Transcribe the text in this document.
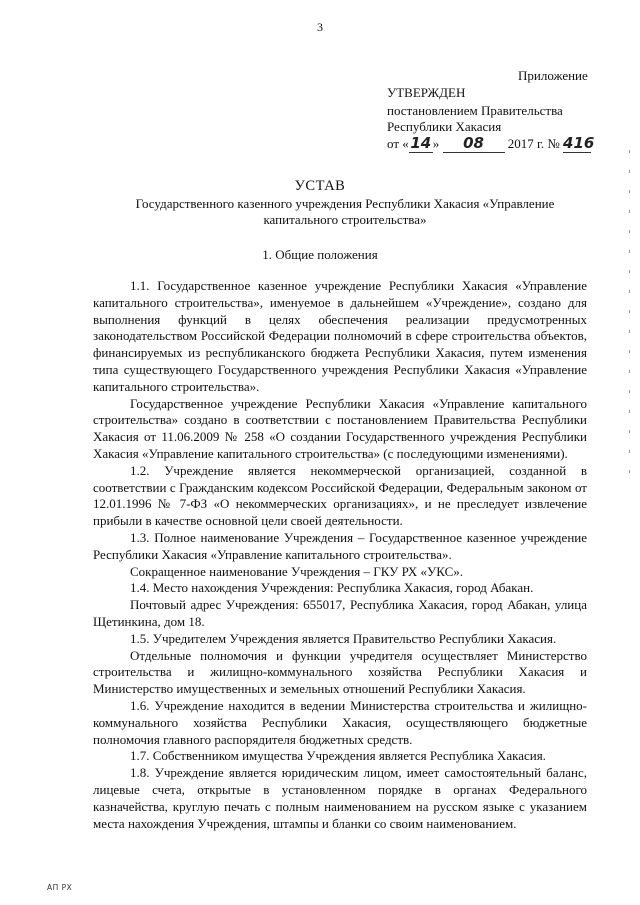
3
Приложение
УТВЕРЖДЕН
постановлением Правительства
Республики Хакасия
от « 14 » 08 2017 г. № 416
УСТАВ
Государственного казенного учреждения Республики Хакасия «Управление капитального строительства»
1. Общие положения

1.1. Государственное казенное учреждение Республики Хакасия «Управление капитального строительства», именуемое в дальнейшем «Учреждение», создано для выполнения функций в целях обеспечения реализации предусмотренных законодательством Российской Федерации полномочий в сфере строительства объектов, финансируемых из республиканского бюджета Республики Хакасия, путем изменения типа существующего Государственного учреждения Республики Хакасия «Управление капитального строительства».

Государственное учреждение Республики Хакасия «Управление капитального строительства» создано в соответствии с постановлением Правительства Республики Хакасия от 11.06.2009 № 258 «О создании Государственного учреждения Республики Хакасия «Управление капитального строительства» (с последующими изменениями).

1.2. Учреждение является некоммерческой организацией, созданной в соответствии с Гражданским кодексом Российской Федерации, Федеральным законом от 12.01.1996 № 7-ФЗ «О некоммерческих организациях», и не преследует извлечение прибыли в качестве основной цели своей деятельности.

1.3. Полное наименование Учреждения – Государственное казенное учреждение Республики Хакасия «Управление капитального строительства».

Сокращенное наименование Учреждения – ГКУ РХ «УКС».

1.4. Место нахождения Учреждения: Республика Хакасия, город Абакан.

Почтовый адрес Учреждения: 655017, Республика Хакасия, город Абакан, улица Щетинкина, дом 18.

1.5. Учредителем Учреждения является Правительство Республики Хакасия.

Отдельные полномочия и функции учредителя осуществляет Министерство строительства и жилищно-коммунального хозяйства Республики Хакасия и Министерство имущественных и земельных отношений Республики Хакасия.

1.6. Учреждение находится в ведении Министерства строительства и жилищно-коммунального хозяйства Республики Хакасия, осуществляющего бюджетные полномочия главного распорядителя бюджетных средств.

1.7. Собственником имущества Учреждения является Республика Хакасия.

1.8. Учреждение является юридическим лицом, имеет самостоятельный баланс, лицевые счета, открытые в установленном порядке в органах Федерального казначейства, круглую печать с полным наименованием на русском языке с указанием места нахождения Учреждения, штампы и бланки со своим наименованием.

АП РХ
